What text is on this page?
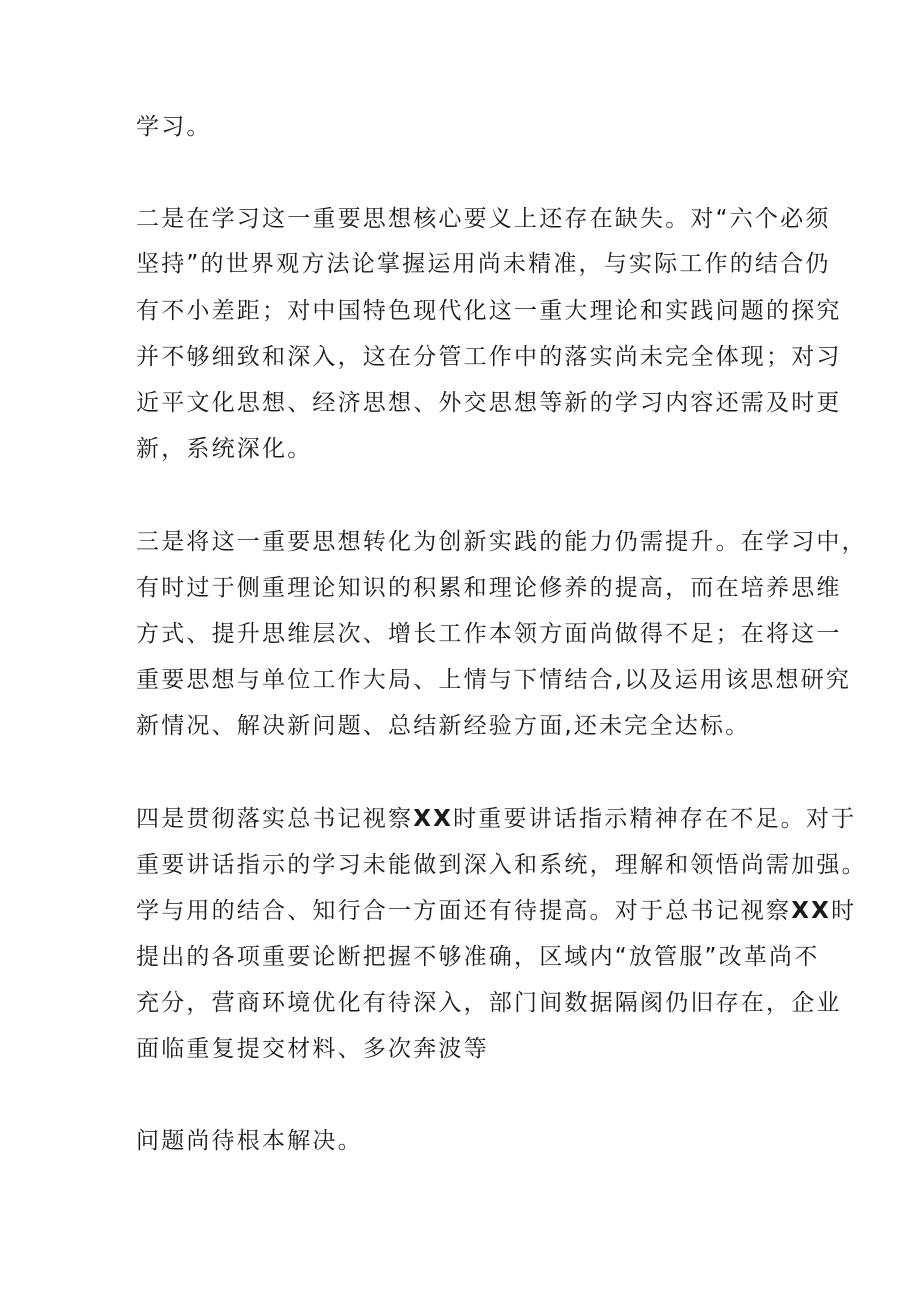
学习。
二是在学习这一重要思想核心要义上还存在缺失。对“六个必须
坚持”的世界观方法论掌握运用尚未精准，与实际工作的结合仍
有不小差距；对中国特色现代化这一重大理论和实践问题的探究
并不够细致和深入，这在分管工作中的落实尚未完全体现；对习
近平文化思想、经济思想、外交思想等新的学习内容还需及时更
新，系统深化。
三是将这一重要思想转化为创新实践的能力仍需提升。在学习中，
有时过于侧重理论知识的积累和理论修养的提高，而在培养思维
方式、提升思维层次、增长工作本领方面尚做得不足；在将这一
重要思想与单位工作大局、上情与下情结合,以及运用该思想研究
新情况、解决新问题、总结新经验方面,还未完全达标。
四是贯彻落实总书记视察XX时重要讲话指示精神存在不足。对于
重要讲话指示的学习未能做到深入和系统，理解和领悟尚需加强。
学与用的结合、知行合一方面还有待提高。对于总书记视察XX时
提出的各项重要论断把握不够准确，区域内“放管服”改革尚不
充分，营商环境优化有待深入，部门间数据隔阂仍旧存在，企业
面临重复提交材料、多次奔波等
问题尚待根本解决。
